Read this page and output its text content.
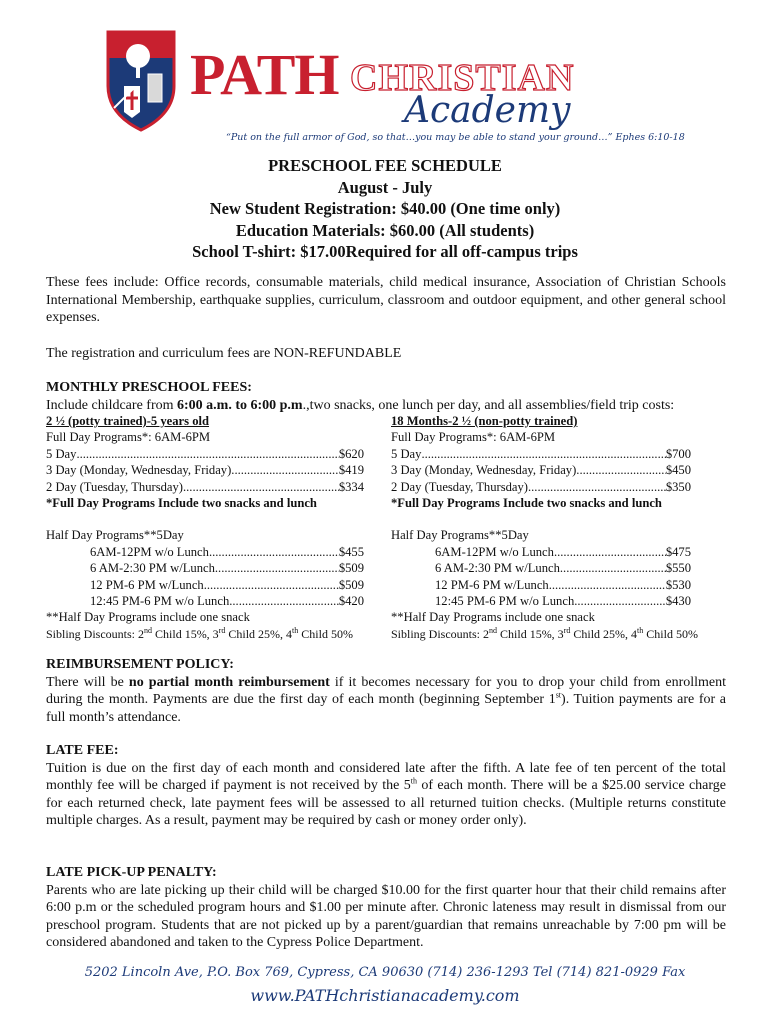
PATH CHRISTIAN
Academy
“Put on the full armor of God, so that…you may be able to stand your ground…” Ephes 6:10-18
PRESCHOOL FEE SCHEDULE
August - July
New Student Registration: $40.00 (One time only)
Education Materials: $60.00 (All students)
School T-shirt: $17.00Required for all off-campus trips
These fees include: Office records, consumable materials, child medical insurance, Association of Christian Schools International Membership, earthquake supplies, curriculum, classroom and outdoor equipment, and other general school expenses.
The registration and curriculum fees are NON-REFUNDABLE
MONTHLY PRESCHOOL FEES:
Include childcare from 6:00 a.m. to 6:00 p.m.,two snacks, one lunch per day, and all assemblies/field trip costs:
2 ½ (potty trained)-5 years old
Full Day Programs*: 6AM-6PM
5 Day .....	$620
3 Day (Monday, Wednesday, Friday) .....	$419
2 Day (Tuesday, Thursday) .....	$334
*Full Day Programs Include two snacks and lunch
Half Day Programs**5Day
6AM-12PM w/o Lunch .....	$455
6 AM-2:30 PM w/Lunch .....	$509
12 PM-6 PM w/Lunch .....	$509
12:45 PM-6 PM w/o Lunch .....	$420
**Half Day Programs include one snack
Sibling Discounts: 2nd Child 15%, 3rd Child 25%, 4th Child 50%
18 Months-2 ½ (non-potty trained)
Full Day Programs*: 6AM-6PM
5 Day .....	$700
3 Day (Monday, Wednesday, Friday) .....	$450
2 Day (Tuesday, Thursday) .....	$350
*Full Day Programs Include two snacks and lunch
Half Day Programs**5Day
6AM-12PM w/o Lunch .....	$475
6 AM-2:30 PM w/Lunch .....	$550
12 PM-6 PM w/Lunch .....	$530
12:45 PM-6 PM w/o Lunch .....	$430
**Half Day Programs include one snack
Sibling Discounts: 2nd Child 15%, 3rd Child 25%, 4th Child 50%
REIMBURSEMENT POLICY:
There will be no partial month reimbursement if it becomes necessary for you to drop your child from enrollment during the month. Payments are due the first day of each month (beginning September 1st). Tuition payments are for a full month’s attendance.
LATE FEE:
Tuition is due on the first day of each month and considered late after the fifth. A late fee of ten percent of the total monthly fee will be charged if payment is not received by the 5th of each month. There will be a $25.00 service charge for each returned check, late payment fees will be assessed to all returned tuition checks. (Multiple returns constitute multiple charges. As a result, payment may be required by cash or money order only).
LATE PICK-UP PENALTY:
Parents who are late picking up their child will be charged $10.00 for the first quarter hour that their child remains after 6:00 p.m or the scheduled program hours and $1.00 per minute after. Chronic lateness may result in dismissal from our preschool program. Students that are not picked up by a parent/guardian that remains unreachable by 7:00 pm will be considered abandoned and taken to the Cypress Police Department.
5202 Lincoln Ave, P.O. Box 769, Cypress, CA 90630 (714) 236-1293 Tel (714) 821-0929 Fax
www.PATHchristianacademy.com
